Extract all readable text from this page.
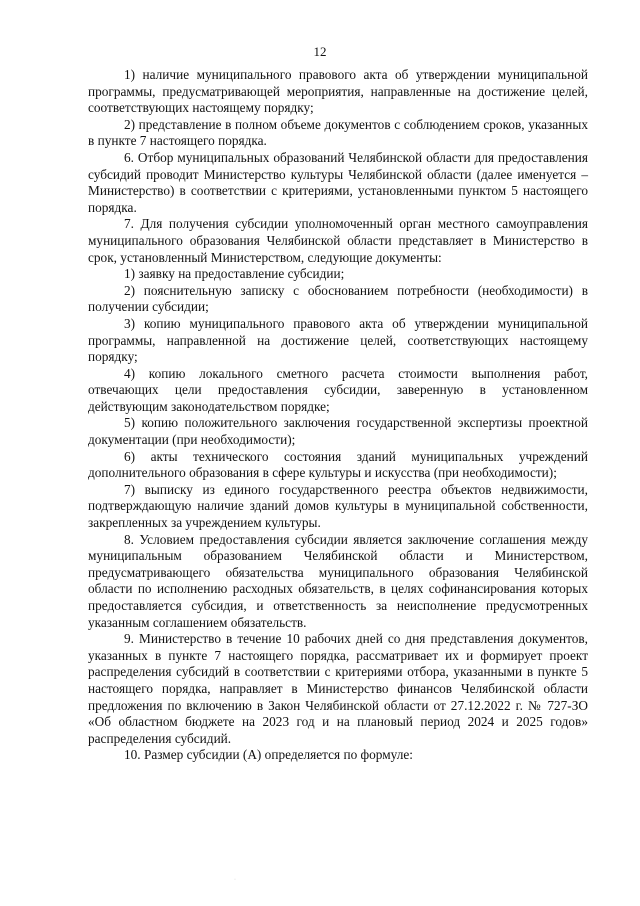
12

1) наличие муниципального правового акта об утверждении муниципальной программы, предусматривающей мероприятия, направленные на достижение целей, соответствующих настоящему порядку;

2) представление в полном объеме документов с соблюдением сроков, указанных в пункте 7 настоящего порядка.

6. Отбор муниципальных образований Челябинской области для предоставления субсидий проводит Министерство культуры Челябинской области (далее именуется – Министерство) в соответствии с критериями, установленными пунктом 5 настоящего порядка.

7. Для получения субсидии уполномоченный орган местного самоуправления муниципального образования Челябинской области представляет в Министерство в срок, установленный Министерством, следующие документы:

1) заявку на предоставление субсидии;

2) пояснительную записку с обоснованием потребности (необходимости) в получении субсидии;

3) копию муниципального правового акта об утверждении муниципальной программы, направленной на достижение целей, соответствующих настоящему порядку;

4) копию локального сметного расчета стоимости выполнения работ, отвечающих цели предоставления субсидии, заверенную в установленном действующим законодательством порядке;

5) копию положительного заключения государственной экспертизы проектной документации (при необходимости);

6) акты технического состояния зданий муниципальных учреждений дополнительного образования в сфере культуры и искусства (при необходимости);

7) выписку из единого государственного реестра объектов недвижимости, подтверждающую наличие зданий домов культуры в муниципальной собственности, закрепленных за учреждением культуры.

8. Условием предоставления субсидии является заключение соглашения между муниципальным образованием Челябинской области и Министерством, предусматривающего обязательства муниципального образования Челябинской области по исполнению расходных обязательств, в целях софинансирования которых предоставляется субсидия, и ответственность за неисполнение предусмотренных указанным соглашением обязательств.

9. Министерство в течение 10 рабочих дней со дня представления документов, указанных в пункте 7 настоящего порядка, рассматривает их и формирует проект распределения субсидий в соответствии с критериями отбора, указанными в пункте 5 настоящего порядка, направляет в Министерство финансов Челябинской области предложения по включению в Закон Челябинской области от 27.12.2022 г. № 727-ЗО «Об областном бюджете на 2023 год и на плановый период 2024 и 2025 годов» распределения субсидий.

10. Размер субсидии (А) определяется по формуле:

·
